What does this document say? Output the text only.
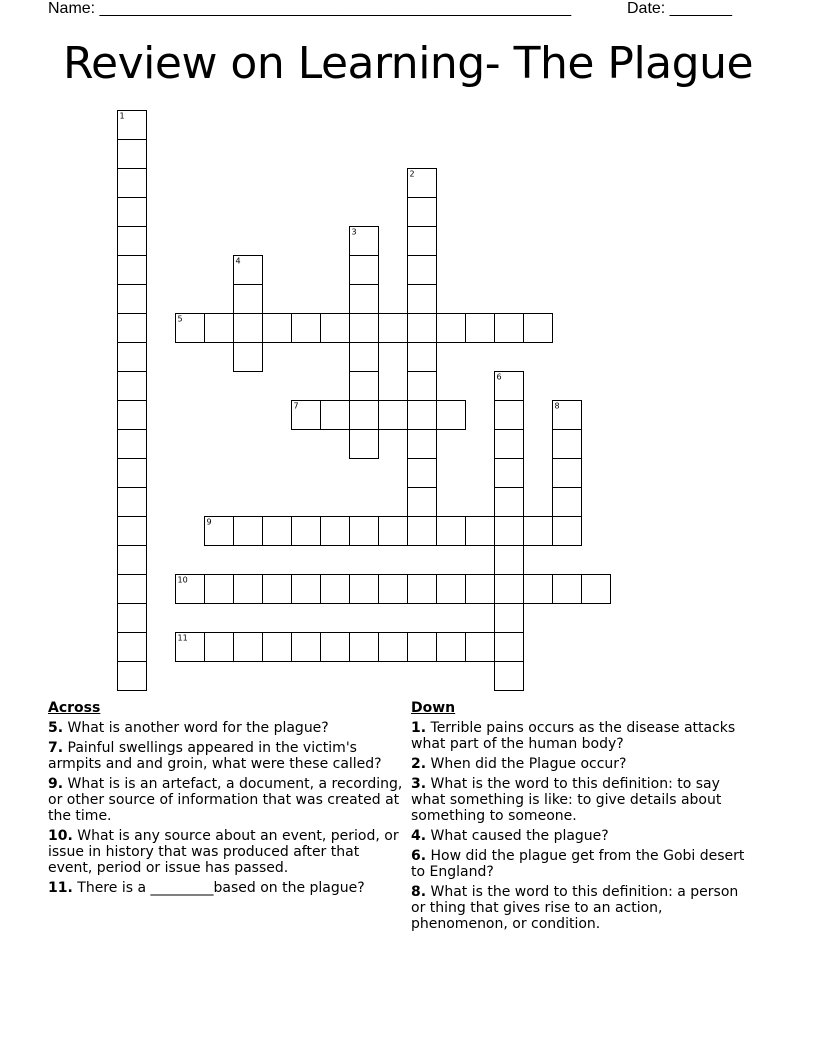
Name: _____________________________________________________	Date: _______
Review on Learning- The Plague
1
2
3
4
5
6
7	8
9
10
11
Across
5. What is another word for the plague?
7. Painful swellings appeared in the victim's armpits and and groin, what were these called?
9. What is is an artefact, a document, a recording, or other source of information that was created at the time.
10. What is any source about an event, period, or issue in history that was produced after that event, period or issue has passed.
11. There is a _________based on the plague?
Down
1. Terrible pains occurs as the disease attacks what part of the human body?
2. When did the Plague occur?
3. What is the word to this definition: to say what something is like: to give details about something to someone.
4. What caused the plague?
6. How did the plague get from the Gobi desert to England?
8. What is the word to this definition: a person or thing that gives rise to an action, phenomenon, or condition.
